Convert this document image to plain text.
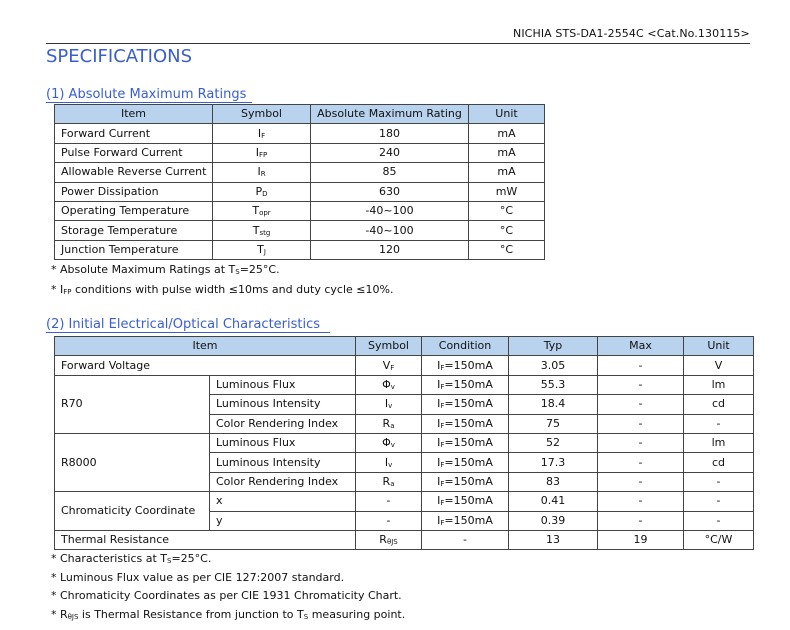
NICHIA STS-DA1-2554C <Cat.No.130115>
SPECIFICATIONS
(1) Absolute Maximum Ratings
Item	Symbol	Absolute Maximum Rating	Unit
Forward Current	$I_F$	180	mA
Pulse Forward Current	$I_{FP}$	240	mA
Allowable Reverse Current	$I_R$	85	mA
Power Dissipation	$P_D$	630	mW
Operating Temperature	$T_{opr}$	-40~100	°C
Storage Temperature	$T_{stg}$	-40~100	°C
Junction Temperature	$T_J$	120	°C
* Absolute Maximum Ratings at $T_S=25^\circ C$.
* $I_{FP}$ conditions with pulse width ≤10ms and duty cycle ≤10%.
(2) Initial Electrical/Optical Characteristics
Item		Symbol	Condition	Typ	Max	Unit
Forward Voltage		$V_F$	$I_F=150mA$	3.05	-	V
R70	Luminous Flux	$\Phi_v$	$I_F=150mA$	55.3	-	lm
	Luminous Intensity	$I_v$	$I_F=150mA$	18.4	-	cd
	Color Rendering Index	$R_a$	$I_F=150mA$	75	-	-
R8000	Luminous Flux	$\Phi_v$	$I_F=150mA$	52	-	lm
	Luminous Intensity	$I_v$	$I_F=150mA$	17.3	-	cd
	Color Rendering Index	$R_a$	$I_F=150mA$	83	-	-
Chromaticity Coordinate	x	-	$I_F=150mA$	0.41	-	-
	y	-	$I_F=150mA$	0.39	-	-
Thermal Resistance		$R_{\theta JS}$	-	13	19	°C/W
* Characteristics at $T_S=25^\circ C$.
* Luminous Flux value as per CIE 127:2007 standard.
* Chromaticity Coordinates as per CIE 1931 Chromaticity Chart.
* $R_{\theta JS}$ is Thermal Resistance from junction to $T_S$ measuring point.
